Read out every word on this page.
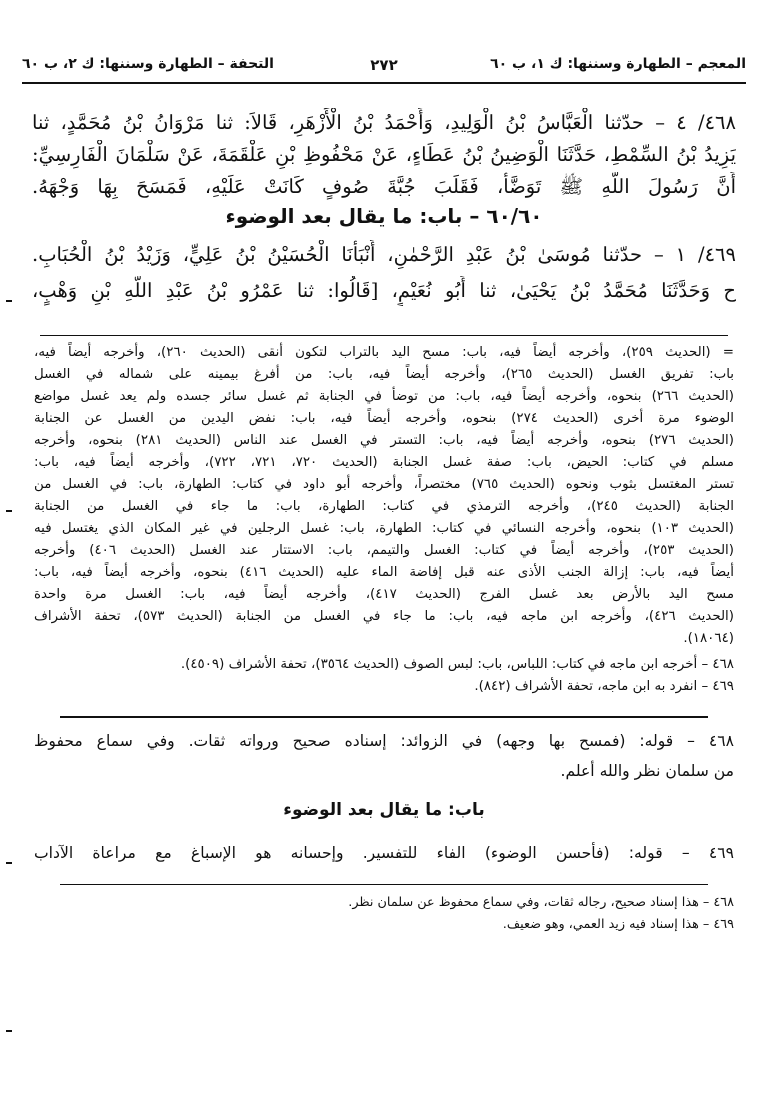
المعجم – الطهارة وسننها: ك ١، ب ٦٠
٢٧٢
التحفة – الطهارة وسننها: ك ٢، ب ٦٠
٤٦٨/ ٤ – حدّثنا الْعَبَّاسُ بْنُ الْوَلِيدِ، وَأَحْمَدُ بْنُ الْأَزْهَرِ، قَالاَ: ثنا مَرْوَانُ بْنُ مُحَمَّدٍ، ثنا
يَزِيدُ بْنُ السِّمْطِ، حَدَّثَنَا الْوَضِينُ بْنُ عَطَاءٍ، عَنْ مَحْفُوظِ بْنِ عَلْقَمَةَ، عَنْ سَلْمَانَ الْفَارِسِيِّ:
أَنَّ رَسُولَ اللَّهِ ﷺ تَوَضَّأَ، فَقَلَبَ جُبَّةَ صُوفٍ كَانَتْ عَلَيْهِ، فَمَسَحَ بِهَا وَجْهَهُ.
٦٠/٦٠ – باب: ما يقال بعد الوضوء
٤٦٩/ ١ – حدّثنا مُوسَىٰ بْنُ عَبْدِ الرَّحْمٰنِ، أَنْبَأَنَا الْحُسَيْنُ بْنُ عَلِيٍّ، وَزَيْدُ بْنُ الْحُبَابِ.
ح وَحَدَّثَنَا مُحَمَّدُ بْنُ يَحْيَىٰ، ثنا أَبُو نُعَيْمٍ، [قَالُوا: ثنا عَمْرُو بْنُ عَبْدِ اللَّهِ بْنِ وَهْبٍ،
= (الحديث ٢٥٩)، وأخرجه أيضاً فيه، باب: مسح اليد بالتراب لتكون أنقى (الحديث ٢٦٠)، وأخرجه أيضاً فيه،
باب: تفريق الغسل (الحديث ٢٦٥)، وأخرجه أيضاً فيه، باب: من أفرغ بيمينه على شماله في الغسل
(الحديث ٢٦٦) بنحوه، وأخرجه أيضاً فيه، باب: من توضأ في الجنابة ثم غسل سائر جسده ولم يعد غسل مواضع
الوضوء مرة أخرى (الحديث ٢٧٤) بنحوه، وأخرجه أيضاً فيه، باب: نفض اليدين من الغسل عن الجنابة
(الحديث ٢٧٦) بنحوه، وأخرجه أيضاً فيه، باب: التستر في الغسل عند الناس (الحديث ٢٨١) بنحوه، وأخرجه
مسلم في كتاب: الحيض، باب: صفة غسل الجنابة (الحديث ٧٢٠، ٧٢١، ٧٢٢)، وأخرجه أيضاً فيه، باب:
تستر المغتسل بثوب ونحوه (الحديث ٧٦٥) مختصراً، وأخرجه أبو داود في كتاب: الطهارة، باب: في الغسل من
الجنابة (الحديث ٢٤٥)، وأخرجه الترمذي في كتاب: الطهارة، باب: ما جاء في الغسل من الجنابة
(الحديث ١٠٣) بنحوه، وأخرجه النسائي في كتاب: الطهارة، باب: غسل الرجلين في غير المكان الذي يغتسل فيه
(الحديث ٢٥٣)، وأخرجه أيضاً في كتاب: الغسل والتيمم، باب: الاستتار عند الغسل (الحديث ٤٠٦) وأخرجه
أيضاً فيه، باب: إزالة الجنب الأذى عنه قبل إفاضة الماء عليه (الحديث ٤١٦) بنحوه، وأخرجه أيضاً فيه، باب:
مسح اليد بالأرض بعد غسل الفرج (الحديث ٤١٧)، وأخرجه أيضاً فيه، باب: الغسل مرة واحدة
(الحديث ٤٢٦)، وأخرجه ابن ماجه فيه، باب: ما جاء في الغسل من الجنابة (الحديث ٥٧٣)، تحفة الأشراف
(١٨٠٦٤).
٤٦٨ – أخرجه ابن ماجه في كتاب: اللباس، باب: لبس الصوف (الحديث ٣٥٦٤)، تحفة الأشراف (٤٥٠٩).
٤٦٩ – انفرد به ابن ماجه، تحفة الأشراف (٨٤٢).
٤٦٨ – قوله: (فمسح بها وجهه) في الزوائد: إسناده صحيح ورواته ثقات. وفي سماع محفوظ
من سلمان نظر والله أعلم.
باب: ما يقال بعد الوضوء
٤٦٩ – قوله: (فأحسن الوضوء) الفاء للتفسير. وإحسانه هو الإسباغ مع مراعاة الآداب
٤٦٨ – هذا إسناد صحيح، رجاله ثقات، وفي سماع محفوظ عن سلمان نظر.
٤٦٩ – هذا إسناد فيه زيد العمي، وهو ضعيف.
